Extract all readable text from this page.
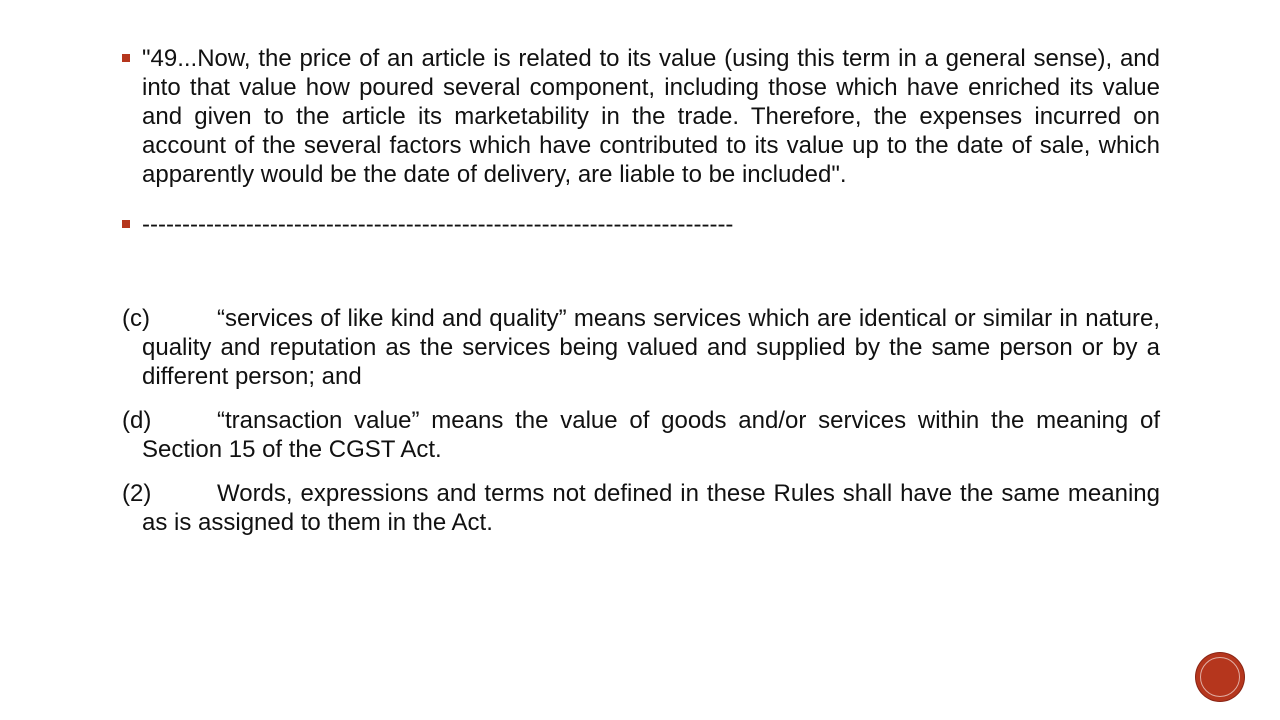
"49...Now, the price of an article is related to its value (using this term in a general sense), and into that value how poured several component, including those which have enriched its value and given to the article its marketability in the trade. Therefore, the expenses incurred on account of the several factors which have contributed to its value up to the date of sale, which apparently would be the date of delivery, are liable to be included".
--------------------------------------------------------------------------
(c)	“services of like kind and quality” means services which are identical or similar in nature, quality and reputation as the services being valued and supplied by the same person or by a different person; and
(d)	“transaction value” means the value of goods and/or services within the meaning of Section 15 of the CGST Act.
(2)	Words, expressions and terms not defined in these Rules shall have the same meaning as is assigned to them in the Act.
